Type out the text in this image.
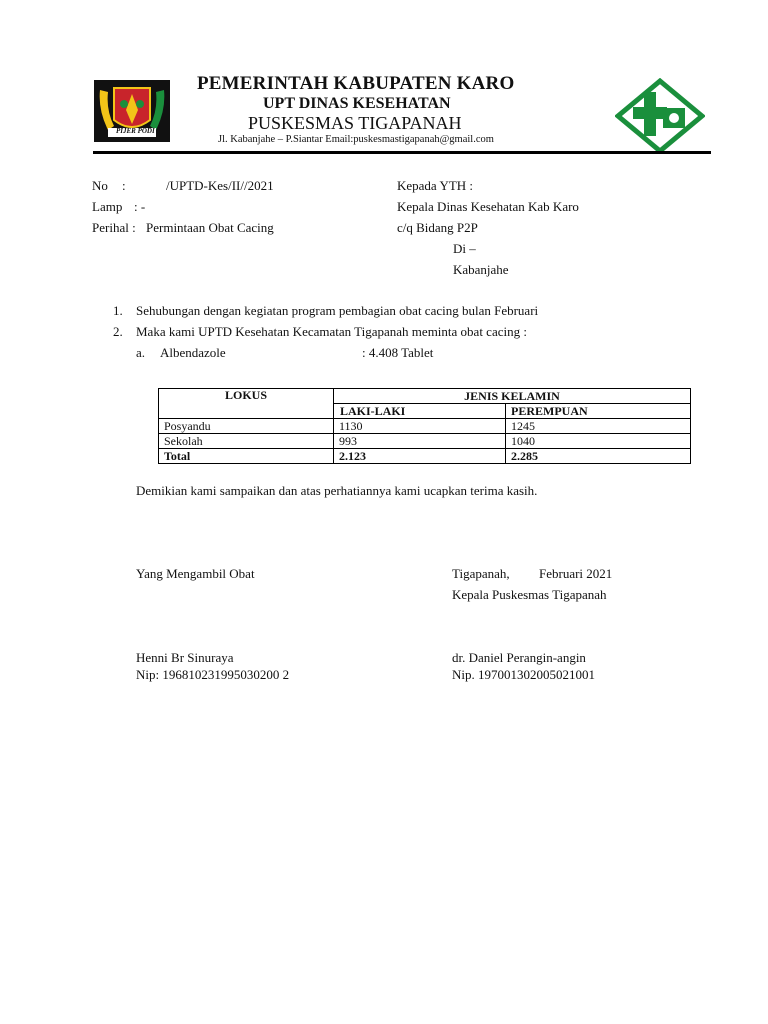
PIJER PODI
PEMERINTAH KABUPATEN KARO
UPT DINAS KESEHATAN
PUSKESMAS TIGAPANAH
Jl. Kabanjahe – P.Siantar Email:puskesmastigapanah@gmail.com
No :	/UPTD-Kes/II//2021
Lamp : -
Perihal : Permintaan Obat Cacing
Kepada YTH :
Kepala Dinas Kesehatan Kab Karo
c/q Bidang P2P
Di –
Kabanjahe
1. Sehubungan dengan kegiatan program pembagian obat cacing bulan Februari
2. Maka kami UPTD Kesehatan Kecamatan Tigapanah meminta obat cacing :
a. Albendazole	: 4.408 Tablet
LOKUS	JENIS KELAMIN	
	LAKI-LAKI	PEREMPUAN
Posyandu	1130	1245
Sekolah	993	1040
Total	2.123	2.285
Demikian kami sampaikan dan atas perhatiannya kami ucapkan terima kasih.
Yang Mengambil Obat
Henni Br Sinuraya
Nip: 196810231995030200 2
Tigapanah, Februari 2021
Kepala Puskesmas Tigapanah
dr. Daniel Perangin-angin
Nip. 197001302005021001
